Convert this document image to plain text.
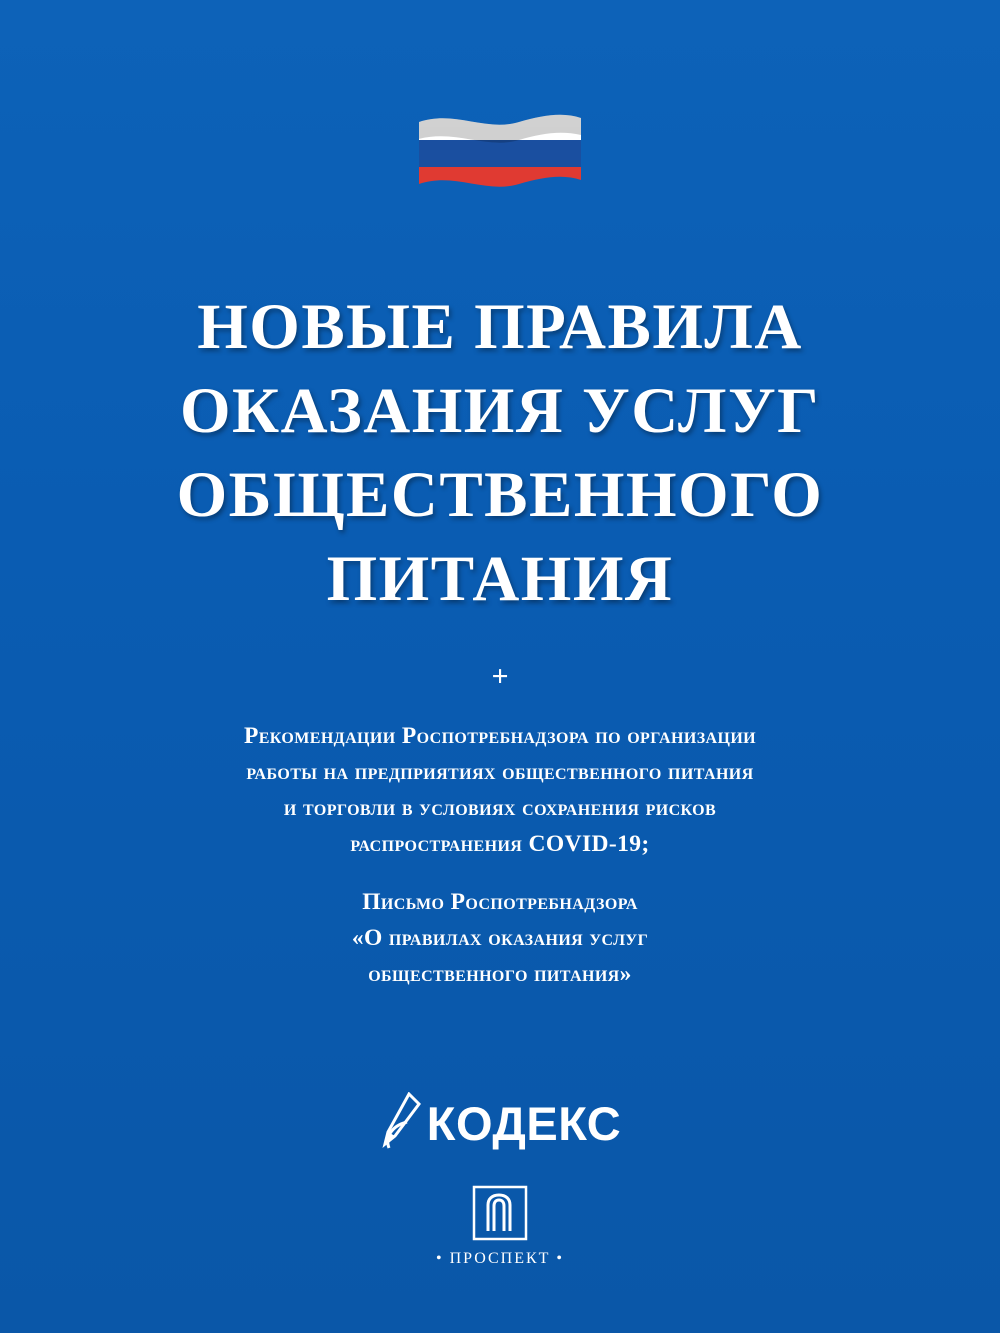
НОВЫЕ ПРАВИЛА
ОКАЗАНИЯ УСЛУГ
ОБЩЕСТВЕННОГО
ПИТАНИЯ
+
Рекомендации Роспотребнадзора по организации
работы на предприятиях общественного питания
и торговли в условиях сохранения рисков
распространения COVID-19;
Письмо Роспотребнадзора
«О правилах оказания услуг
общественного питания»
КОДЕКС
• ПРОСПЕКТ •
